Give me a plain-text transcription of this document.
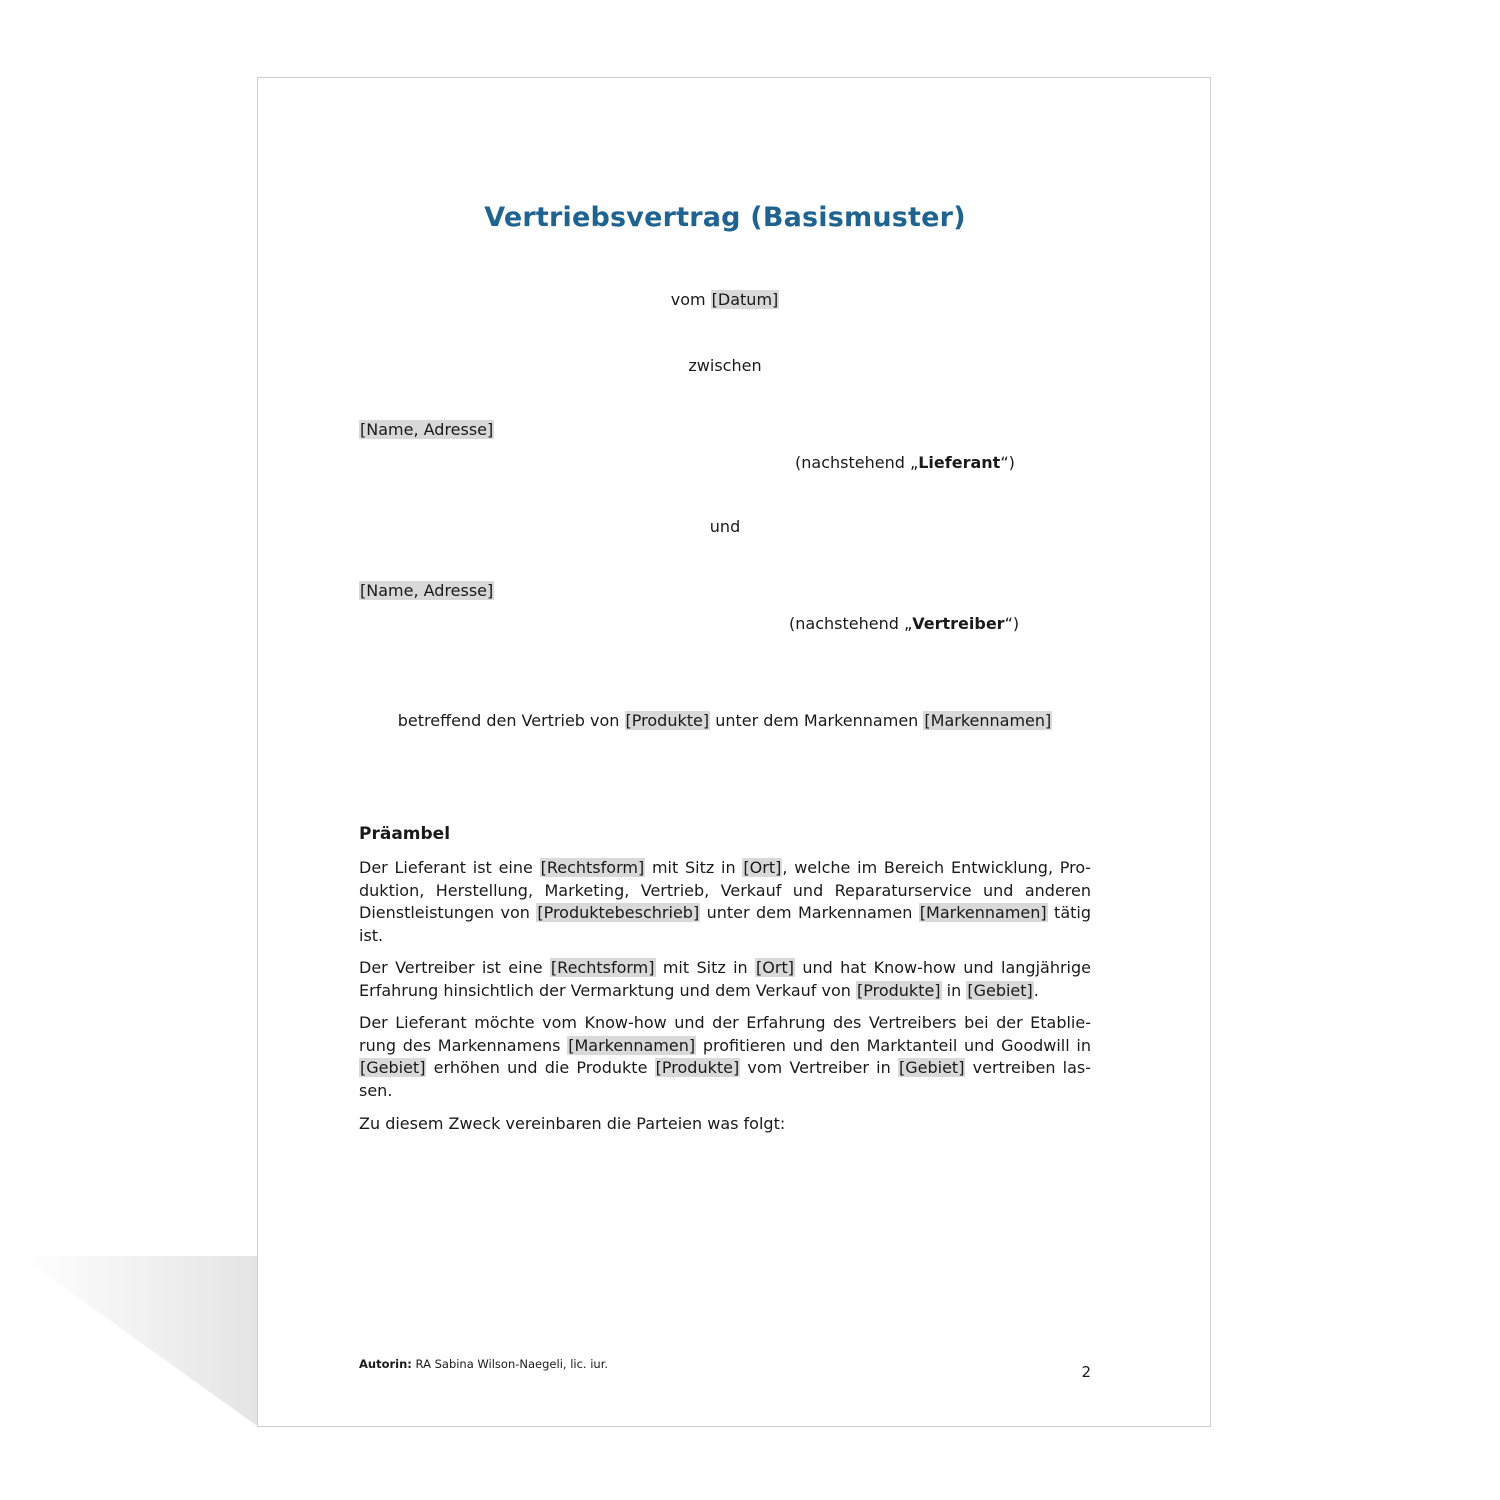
Vertriebsvertrag (Basismuster)
vom [Datum]
zwischen
[Name, Adresse]
(nachstehend „Lieferant“)
und
[Name, Adresse]
(nachstehend „Vertreiber“)
betreffend den Vertrieb von [Produkte] unter dem Markennamen [Markennamen]
Präambel

Der Lieferant ist eine [Rechtsform] mit Sitz in [Ort], welche im Bereich Entwicklung, Produktion, Herstellung, Marketing, Vertrieb, Verkauf und Reparaturservice und anderen Dienstleistungen von [Produktebeschrieb] unter dem Markennamen [Markennamen] tätig ist.

Der Vertreiber ist eine [Rechtsform] mit Sitz in [Ort] und hat Know-how und langjährige Erfahrung hinsichtlich der Vermarktung und dem Verkauf von [Produkte] in [Gebiet].

Der Lieferant möchte vom Know-how und der Erfahrung des Vertreibers bei der Etablierung des Markennamens [Markennamen] profitieren und den Marktanteil und Goodwill in [Gebiet] erhöhen und die Produkte [Produkte] vom Vertreiber in [Gebiet] vertreiben lassen.

Zu diesem Zweck vereinbaren die Parteien was folgt:

Autorin: RA Sabina Wilson-Naegeli, lic. iur.	2
